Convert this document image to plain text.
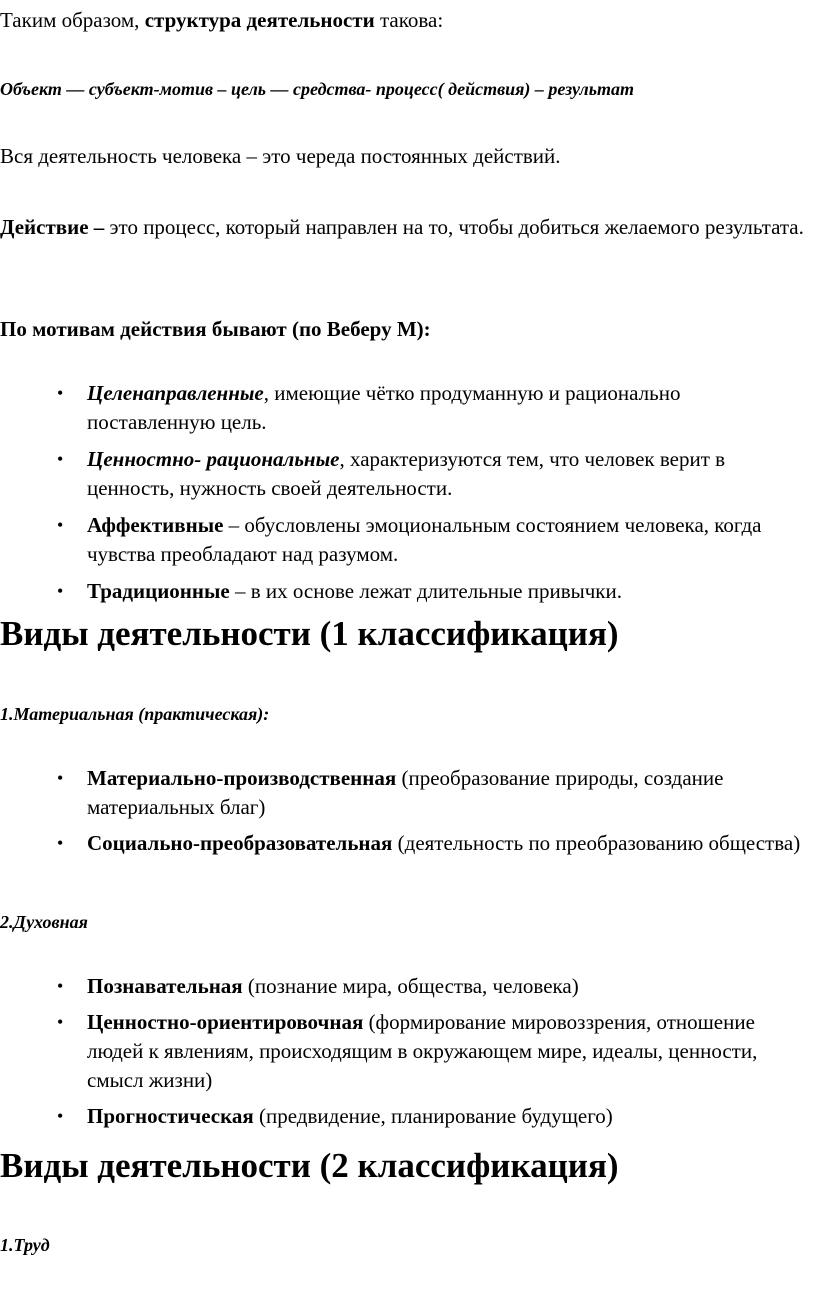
Таким образом, структура деятельности такова:

Объект — субъект-мотив – цель — средства- процесс( действия) – результат

Вся деятельность человека – это череда постоянных действий.

Действие – это процесс, который направлен на то, чтобы добиться желаемого результата.

По мотивам действия бывают (по Веберу М):

• Целенаправленные, имеющие чётко продуманную и рационально поставленную цель.
• Ценностно- рациональные, характеризуются тем, что человек верит в ценность, нужность своей деятельности.
• Аффективные – обусловлены эмоциональным состоянием человека, когда чувства преобладают над разумом.
• Традиционные – в их основе лежат длительные привычки.
Виды деятельности (1 классификация)

1.Материальная (практическая):

• Материально-производственная (преобразование природы, создание материальных благ)
• Социально-преобразовательная (деятельность по преобразованию общества)

2.Духовная

• Познавательная (познание мира, общества, человека)
• Ценностно-ориентировочная (формирование мировоззрения, отношение людей к явлениям, происходящим в окружающем мире, идеалы, ценности, смысл жизни)
• Прогностическая (предвидение, планирование будущего)
Виды деятельности (2 классификация)

1.Труд
